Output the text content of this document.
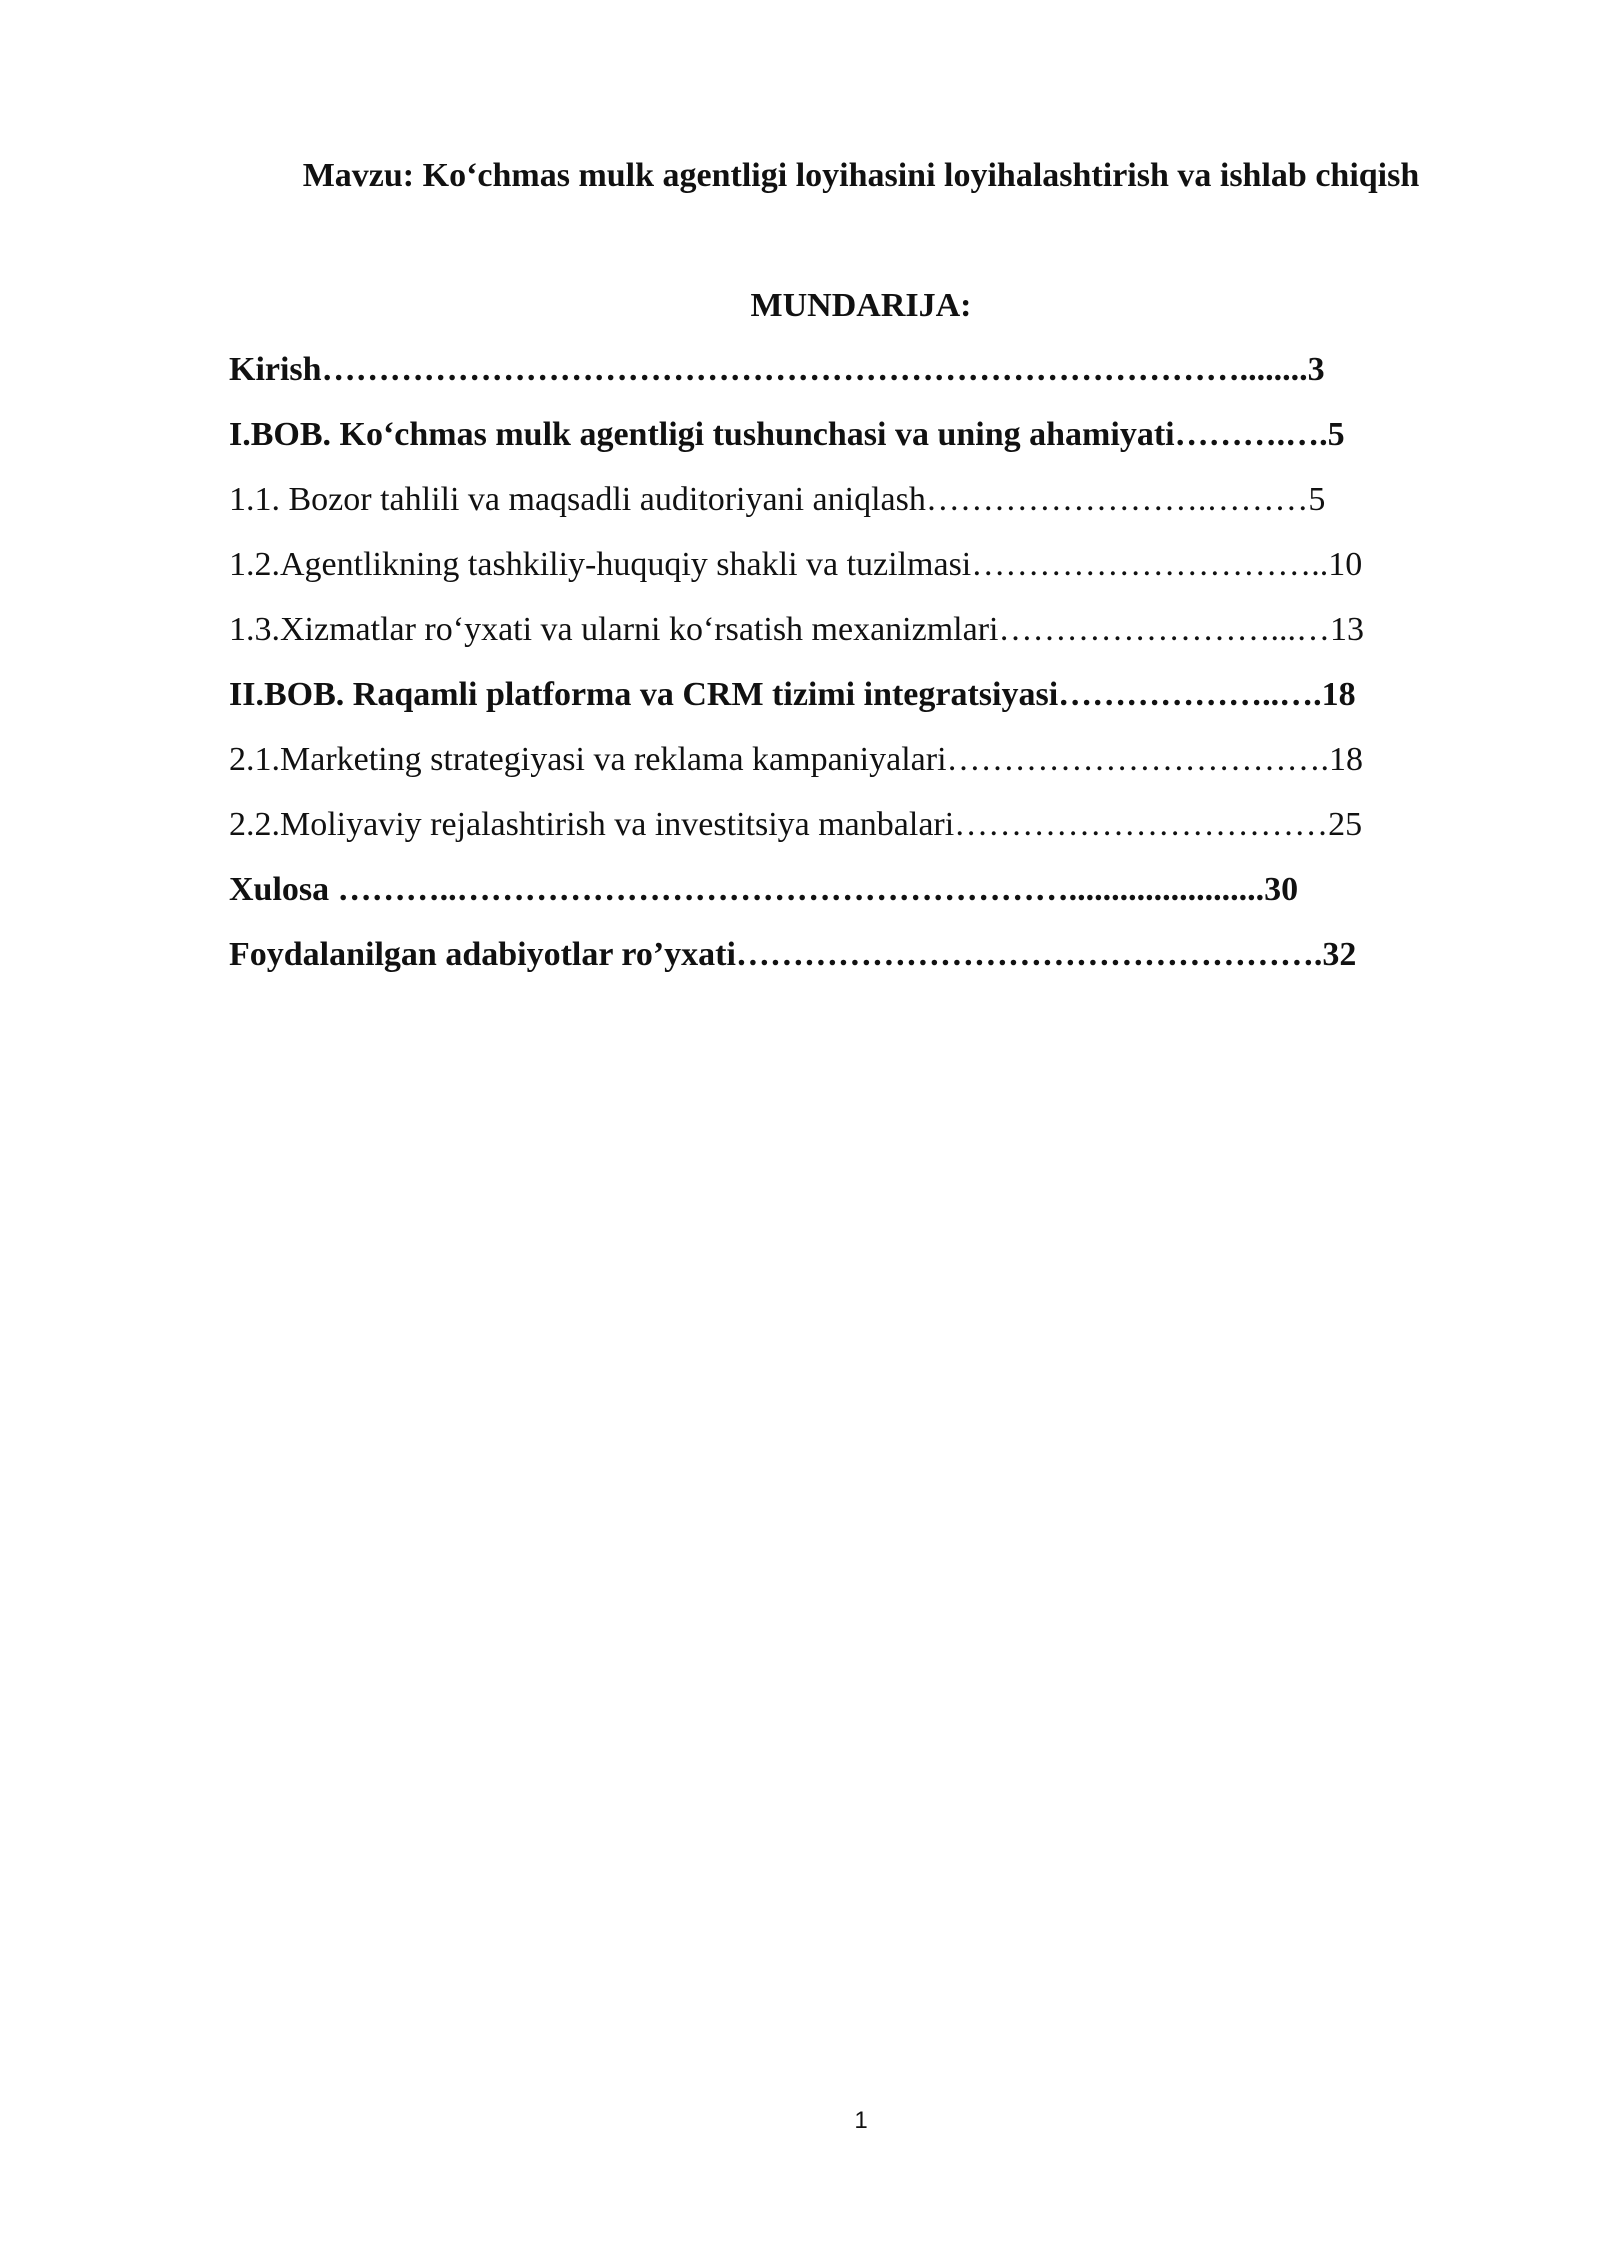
Mavzu: Koʻchmas mulk agentligi loyihasini loyihalashtirish va ishlab chiqish
MUNDARIJA:
Kirish………………………………………………………………………........3
I.BOB. Koʻchmas mulk agentligi tushunchasi va uning ahamiyati……….….5
1.1. Bozor tahlili va maqsadli auditoriyani aniqlash…………………….………5
1.2.Agentlikning tashkiliy-huquqiy shakli va tuzilmasi…………………………..10
1.3.Xizmatlar roʻyxati va ularni koʻrsatish mexanizmlari……………………...…13
II.BOB. Raqamli platforma va CRM tizimi integratsiyasi………………..….18
2.1.Marketing strategiyasi va reklama kampaniyalari…………………………….18
2.2.Moliyaviy rejalashtirish va investitsiya manbalari……………………………25
Xulosa ………..……………………………………………….......................30
Foydalanilgan adabiyotlar ro’yxati…………………………………………….32
1
